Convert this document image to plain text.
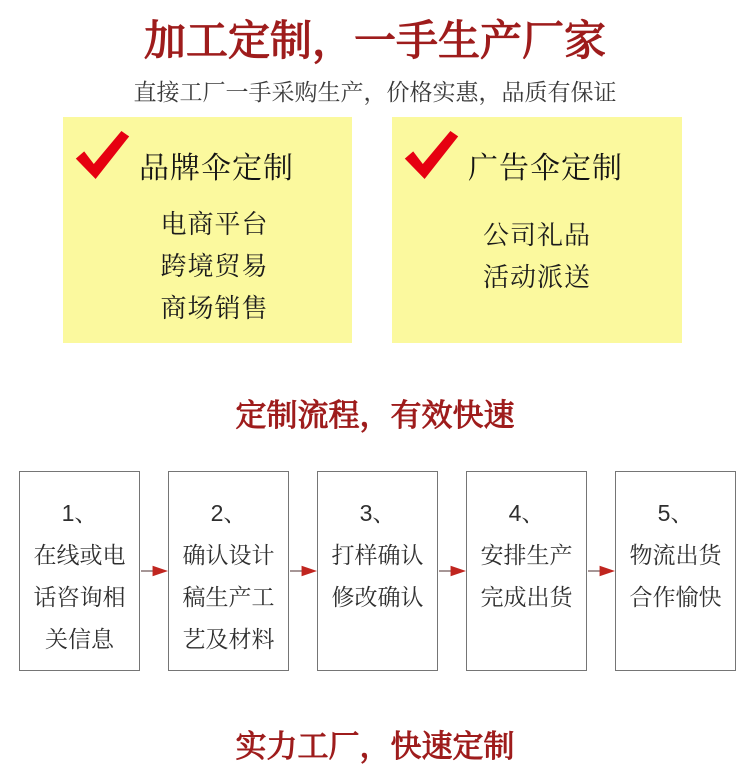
加工定制，一手生产厂家
直接工厂一手采购生产，价格实惠，品质有保证
品牌伞定制
电商平台
跨境贸易
商场销售
广告伞定制
公司礼品
活动派送
定制流程，有效快速
1、
在线或电
话咨询相
关信息
2、
确认设计
稿生产工
艺及材料
3、
打样确认
修改确认
4、
安排生产
完成出货
5、
物流出货
合作愉快
实力工厂，快速定制
